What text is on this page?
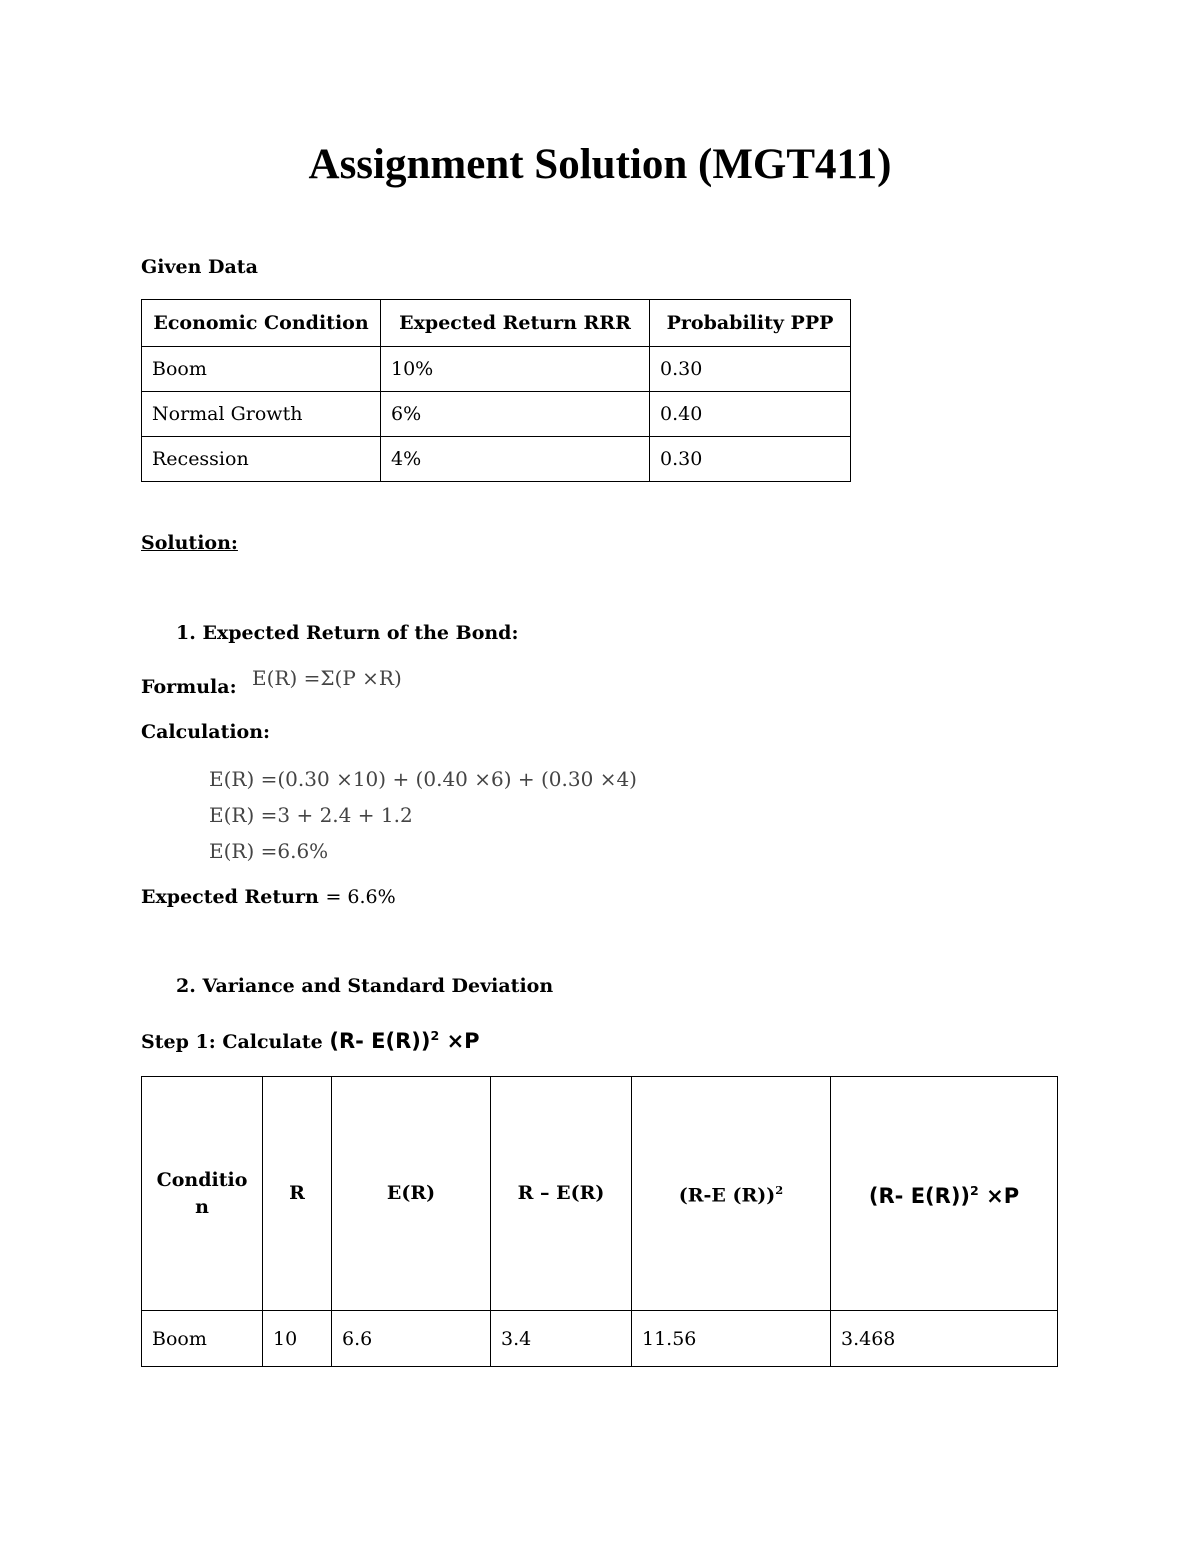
Assignment Solution (MGT411)
Given Data
Economic Condition	Expected Return RRR	Probability PPP
Boom	10%	0.30
Normal Growth	6%	0.40
Recession	4%	0.30
Solution:
1. Expected Return of the Bond:
Formula: E(R) =Σ(P ×R)
Calculation:
E(R) =(0.30 ×10) + (0.40 ×6) + (0.30 ×4)
E(R) =3 + 2.4 + 1.2
E(R) =6.6%
Expected Return = 6.6%
2. Variance and Standard Deviation
Step 1: Calculate (R- E(R))$^2$ ×P
Conditio
n	R	E(R)	R – E(R)	(R-E (R))$^2$	(R- E(R))$^2$ ×P
Boom	10	6.6	3.4	11.56	3.468
